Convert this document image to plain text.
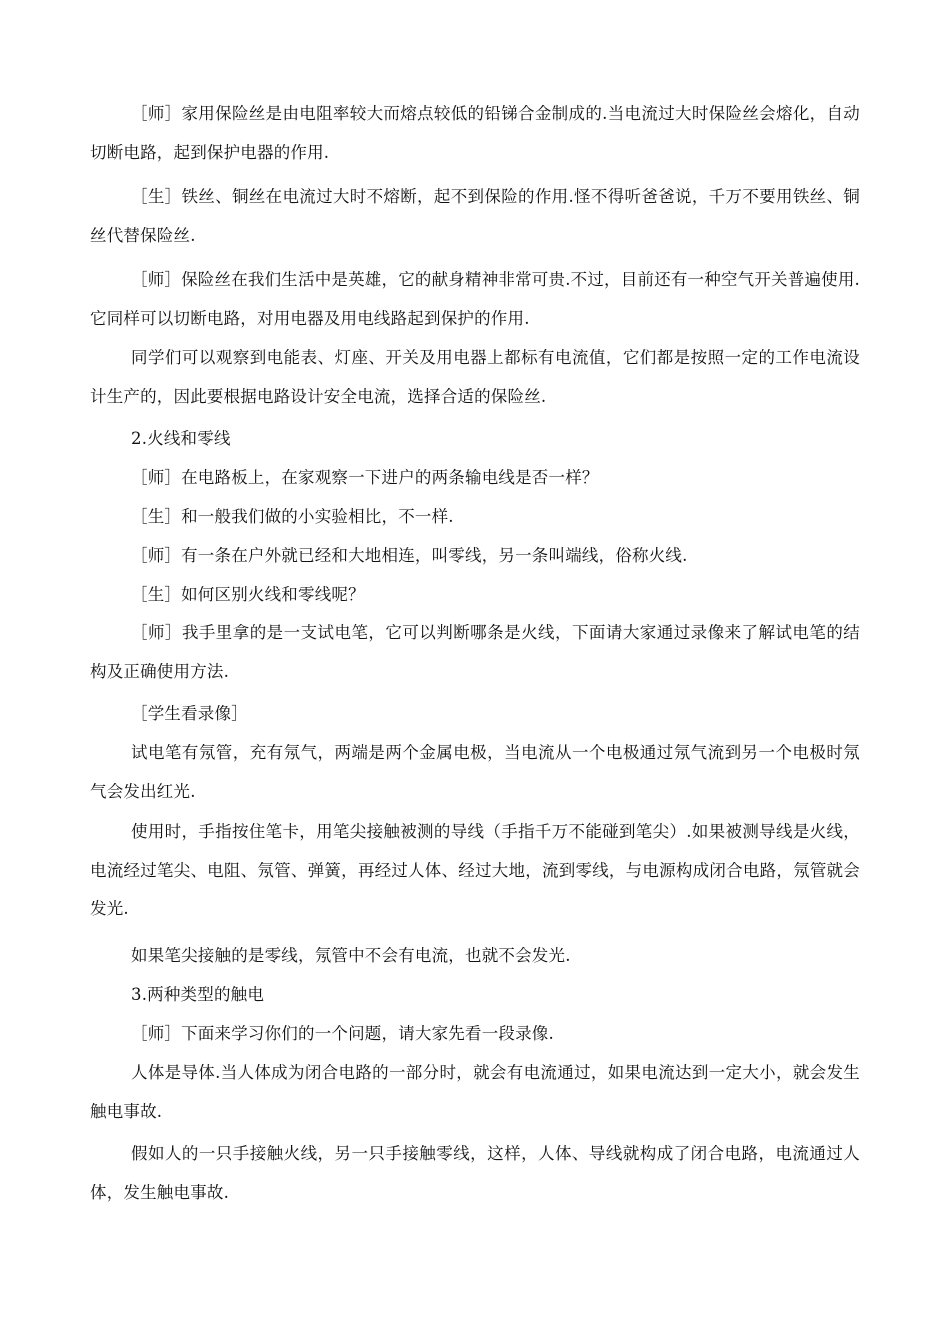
［师］家用保险丝是由电阻率较大而熔点较低的铅锑合金制成的.当电流过大时保险丝会熔化，自动切断电路，起到保护电器的作用.

［生］铁丝、铜丝在电流过大时不熔断，起不到保险的作用.怪不得听爸爸说，千万不要用铁丝、铜丝代替保险丝.

［师］保险丝在我们生活中是英雄，它的献身精神非常可贵.不过，目前还有一种空气开关普遍使用.它同样可以切断电路，对用电器及用电线路起到保护的作用.

同学们可以观察到电能表、灯座、开关及用电器上都标有电流值，它们都是按照一定的工作电流设计生产的，因此要根据电路设计安全电流，选择合适的保险丝.

2.火线和零线

［师］在电路板上，在家观察一下进户的两条输电线是否一样？

［生］和一般我们做的小实验相比，不一样.

［师］有一条在户外就已经和大地相连，叫零线，另一条叫端线，俗称火线.

［生］如何区别火线和零线呢？

［师］我手里拿的是一支试电笔，它可以判断哪条是火线，下面请大家通过录像来了解试电笔的结构及正确使用方法.

［学生看录像］

试电笔有氖管，充有氖气，两端是两个金属电极，当电流从一个电极通过氖气流到另一个电极时氖气会发出红光.

使用时，手指按住笔卡，用笔尖接触被测的导线（手指千万不能碰到笔尖）.如果被测导线是火线，电流经过笔尖、电阻、氖管、弹簧，再经过人体、经过大地，流到零线，与电源构成闭合电路，氖管就会发光.

如果笔尖接触的是零线，氖管中不会有电流，也就不会发光.

3.两种类型的触电

［师］下面来学习你们的一个问题，请大家先看一段录像.

人体是导体.当人体成为闭合电路的一部分时，就会有电流通过，如果电流达到一定大小，就会发生触电事故.

假如人的一只手接触火线，另一只手接触零线，这样，人体、导线就构成了闭合电路，电流通过人体，发生触电事故.
